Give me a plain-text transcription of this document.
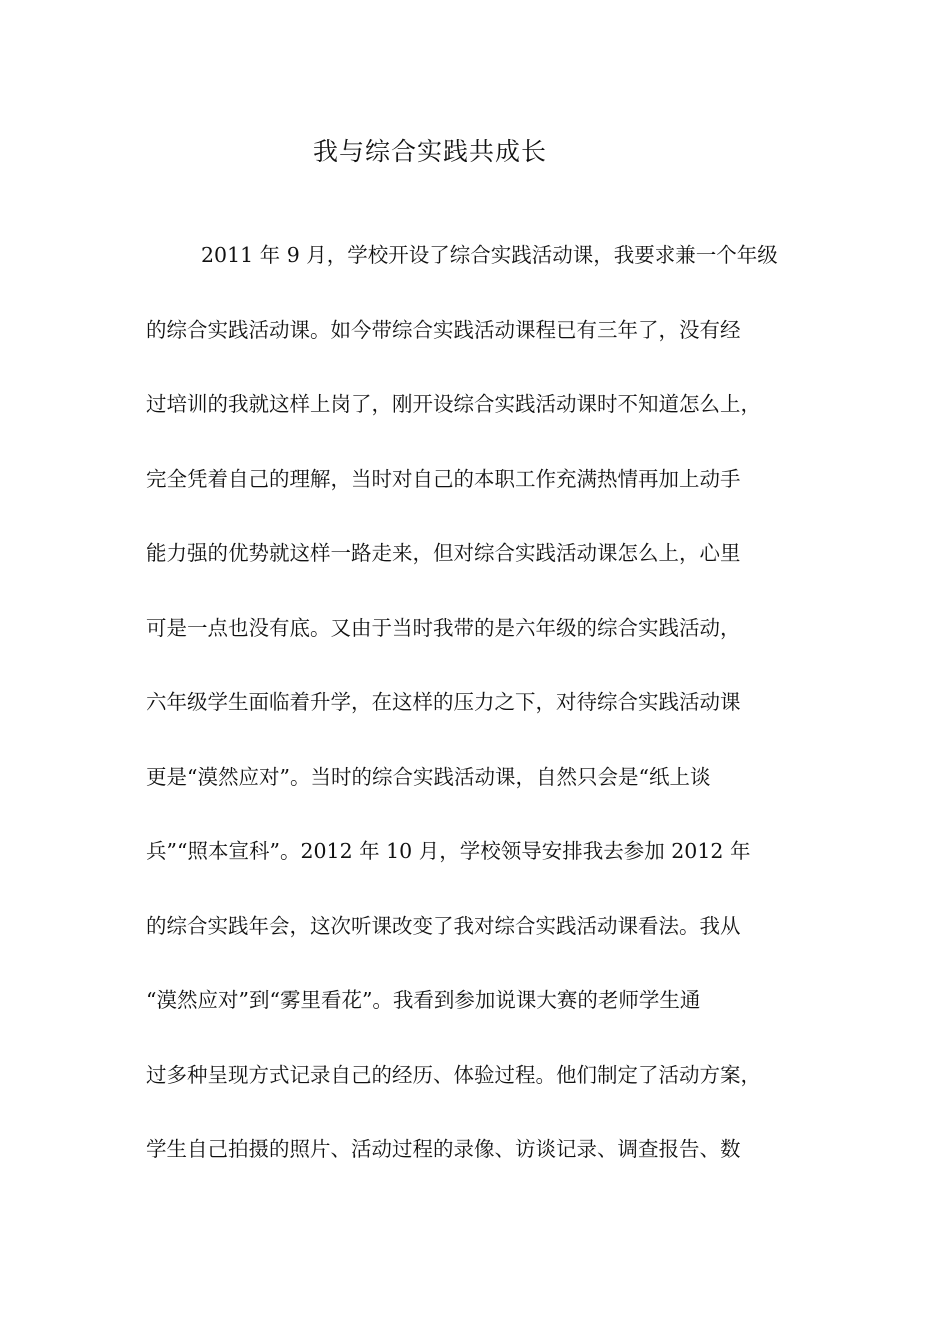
我与综合实践共成长
2011 年 9 月，学校开设了综合实践活动课，我要求兼一个年级
的综合实践活动课。如今带综合实践活动课程已有三年了，没有经
过培训的我就这样上岗了，刚开设综合实践活动课时不知道怎么上，
完全凭着自己的理解，当时对自己的本职工作充满热情再加上动手
能力强的优势就这样一路走来，但对综合实践活动课怎么上，心里
可是一点也没有底。又由于当时我带的是六年级的综合实践活动，
六年级学生面临着升学，在这样的压力之下，对待综合实践活动课
更是“漠然应对”。当时的综合实践活动课，自然只会是“纸上谈
兵”“照本宣科”。2012 年 10 月，学校领导安排我去参加 2012 年
的综合实践年会，这次听课改变了我对综合实践活动课看法。我从
“漠然应对”到“雾里看花”。我看到参加说课大赛的老师学生通
过多种呈现方式记录自己的经历、体验过程。他们制定了活动方案，
学生自己拍摄的照片、活动过程的录像、访谈记录、调查报告、数
